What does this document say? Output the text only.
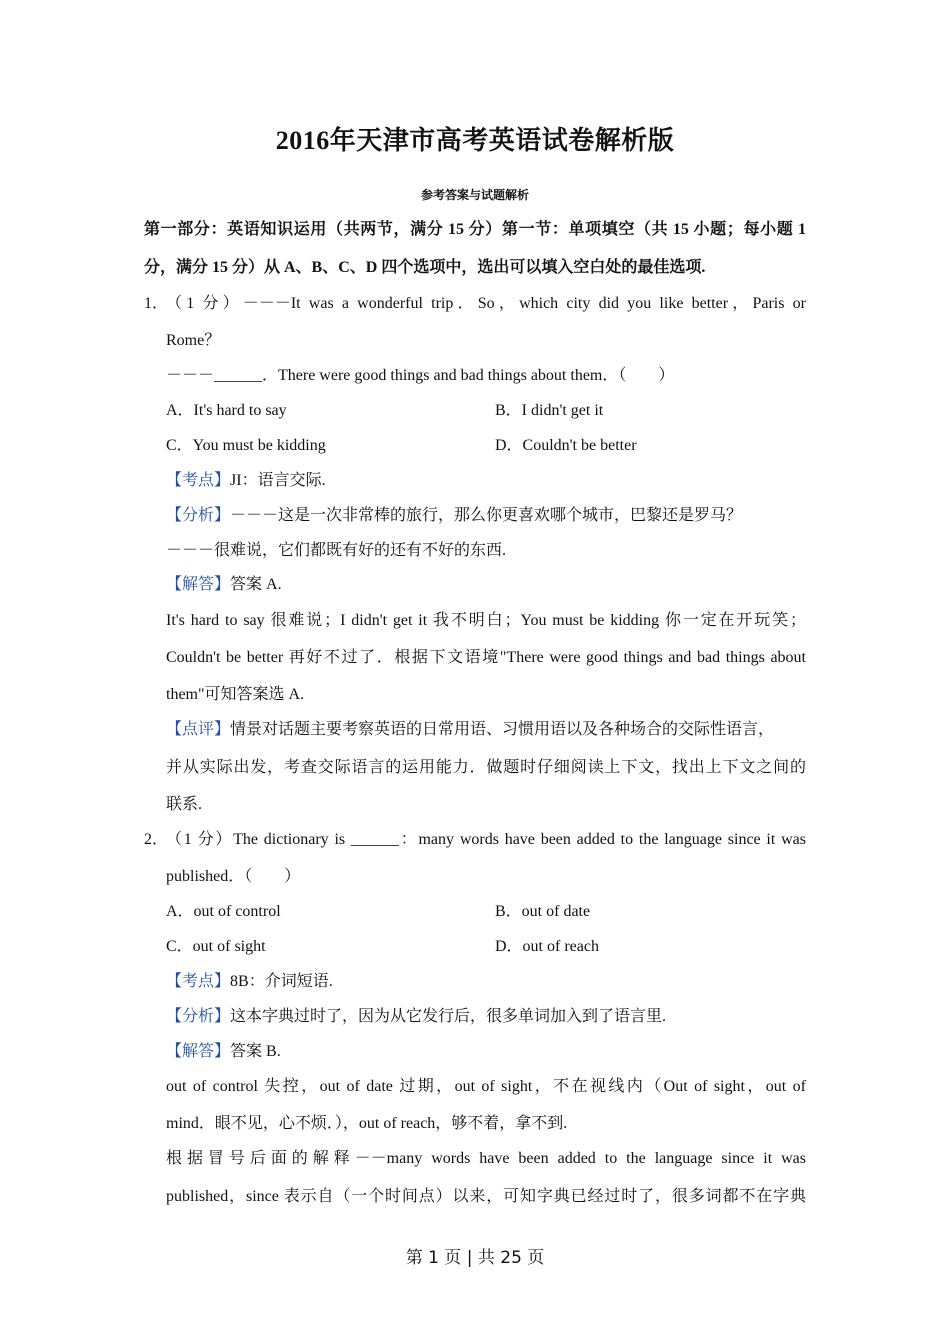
2016年天津市高考英语试卷解析版
参考答案与试题解析
第一部分：英语知识运用（共两节，满分 15 分）第一节：单项填空（共 15 小题；每小题 1
分，满分 15 分）从 A、B、C、D 四个选项中，选出可以填入空白处的最佳选项.
1．
（1 分）－－－It was a wonderful trip．So，which city did you like better，Paris or
Rome？
－－－______．There were good things and bad things about them．（　　）
A．It's hard to say	B．I didn't get it
C．You must be kidding	D．Couldn't be better
【考点】JI：语言交际.
【分析】－－－这是一次非常棒的旅行，那么你更喜欢哪个城市，巴黎还是罗马？
－－－很难说，它们都既有好的还有不好的东西.
【解答】答案 A.
It's hard to say 很难说；I didn't get it 我不明白；You must be kidding 你一定在开玩笑；
Couldn't be better 再好不过了．根据下文语境"There were good things and bad things about
them"可知答案选 A.
【点评】情景对话题主要考察英语的日常用语、习惯用语以及各种场合的交际性语言，
并从实际出发，考查交际语言的运用能力．做题时仔细阅读上下文，找出上下文之间的
联系.
2．
（1 分）The dictionary is ______：many words have been added to the language since it was
published．（　　）
A．out of control	B．out of date
C．out of sight	D．out of reach
【考点】8B：介词短语.
【分析】这本字典过时了，因为从它发行后，很多单词加入到了语言里.
【解答】答案 B.
out of control 失控，out of date 过期，out of sight，不在视线内（Out of sight，out of
mind．眼不见，心不烦．），out of reach，够不着，拿不到.
根据冒号后面的解释－－many words have been added to the language since it was
published，since 表示自（一个时间点）以来，可知字典已经过时了，很多词都不在字典
第 1 页 | 共 25 页
